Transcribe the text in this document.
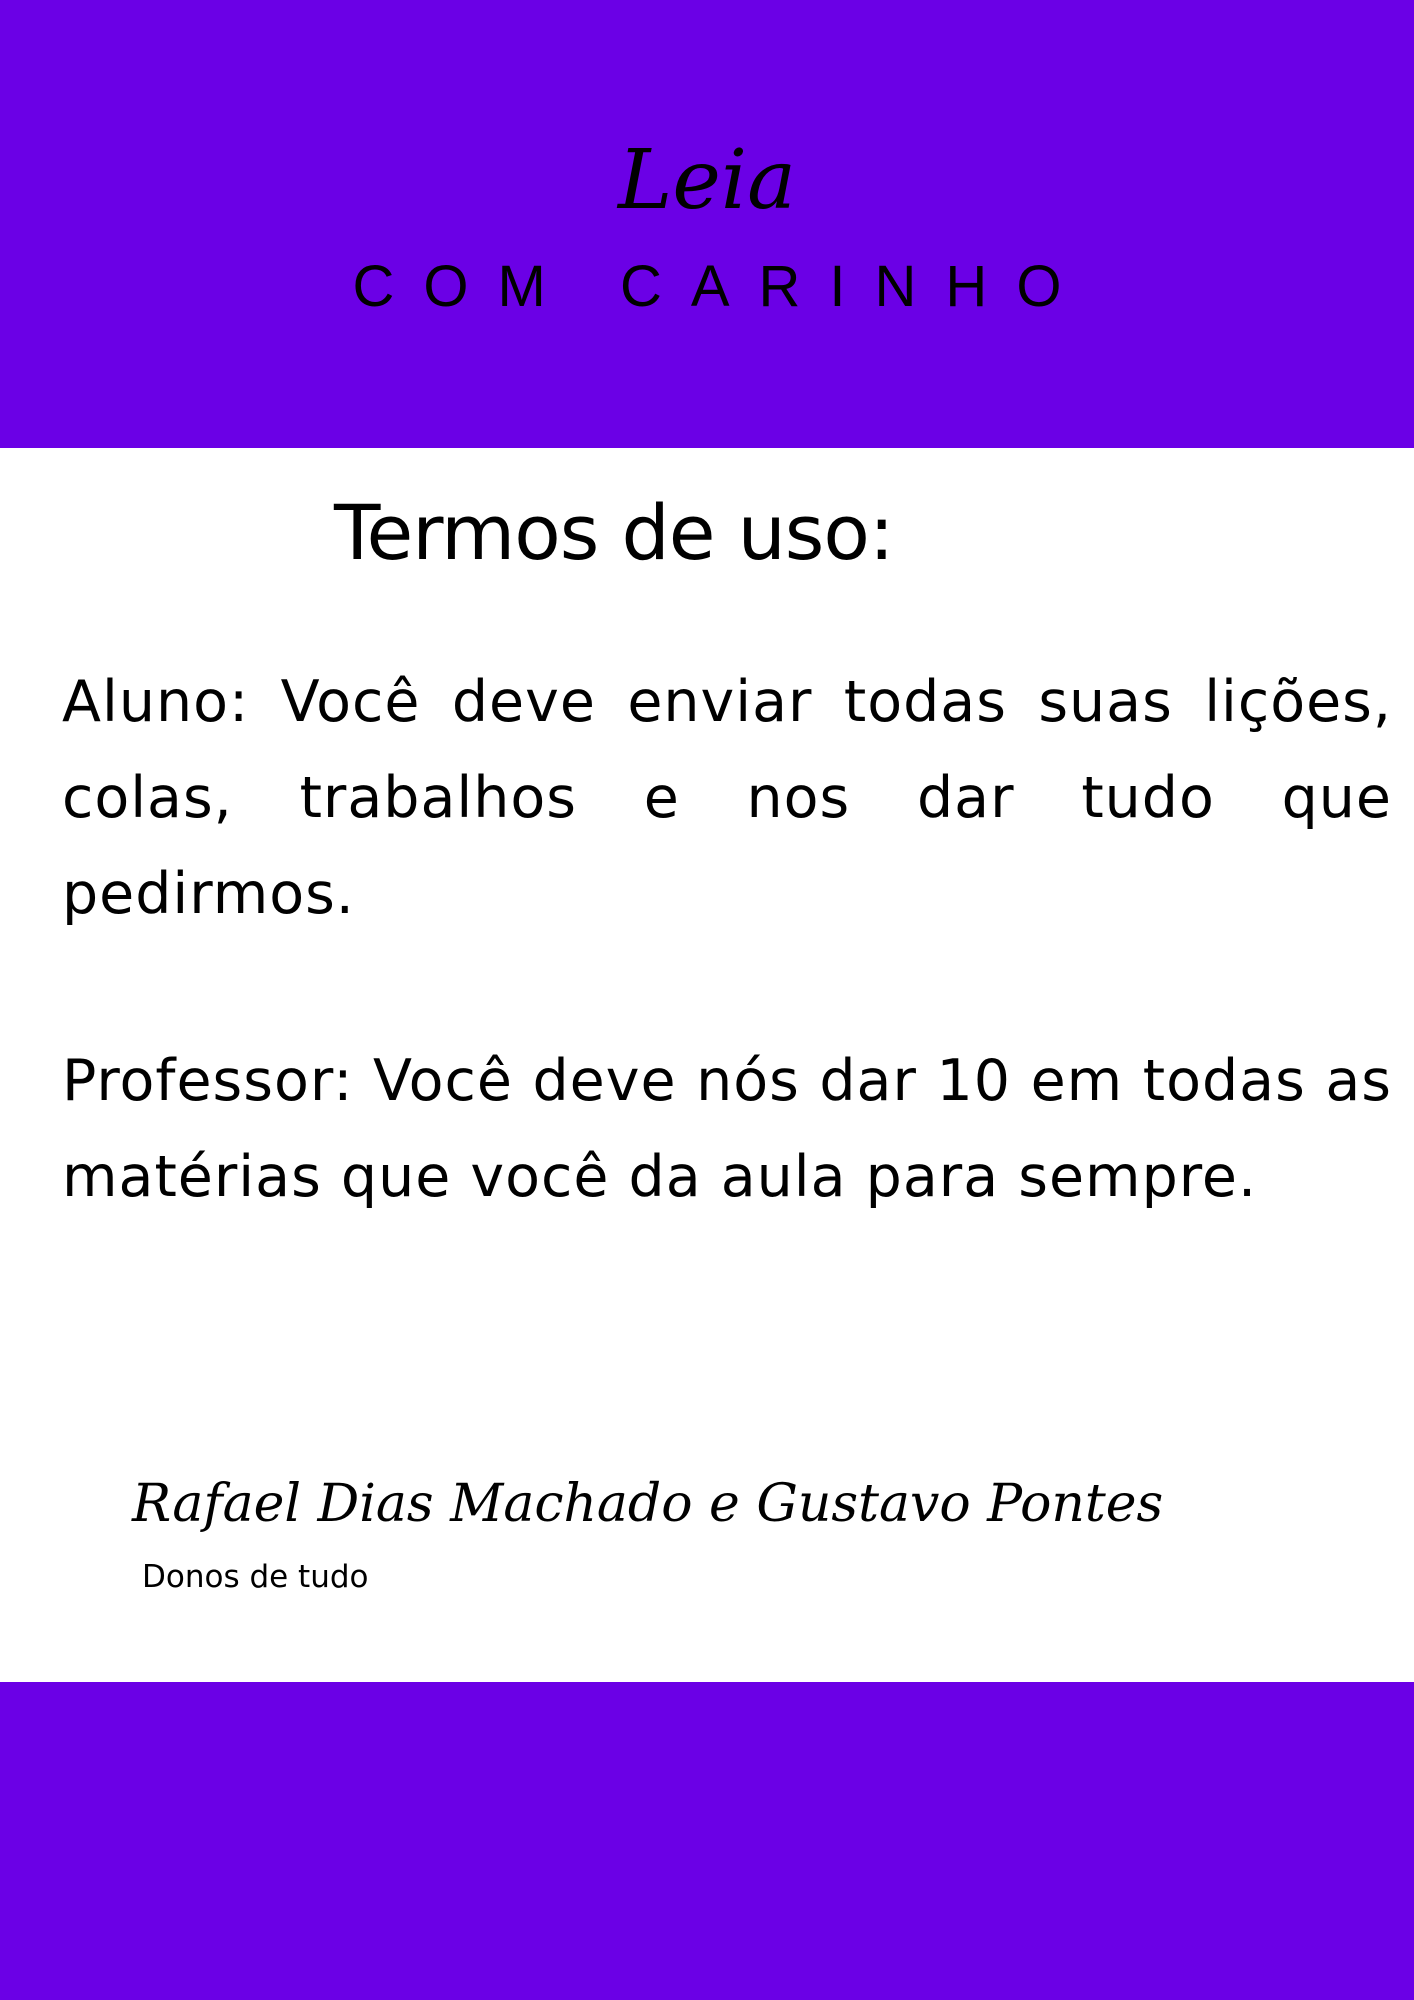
Leia
COM CARINHO
Termos de uso:

Aluno: Você deve enviar todas suas lições, colas, trabalhos e nos dar tudo que pedirmos.

Professor: Você deve nós dar 10 em todas as matérias que você da aula para sempre.

Rafael Dias Machado e Gustavo Pontes
Donos de tudo
